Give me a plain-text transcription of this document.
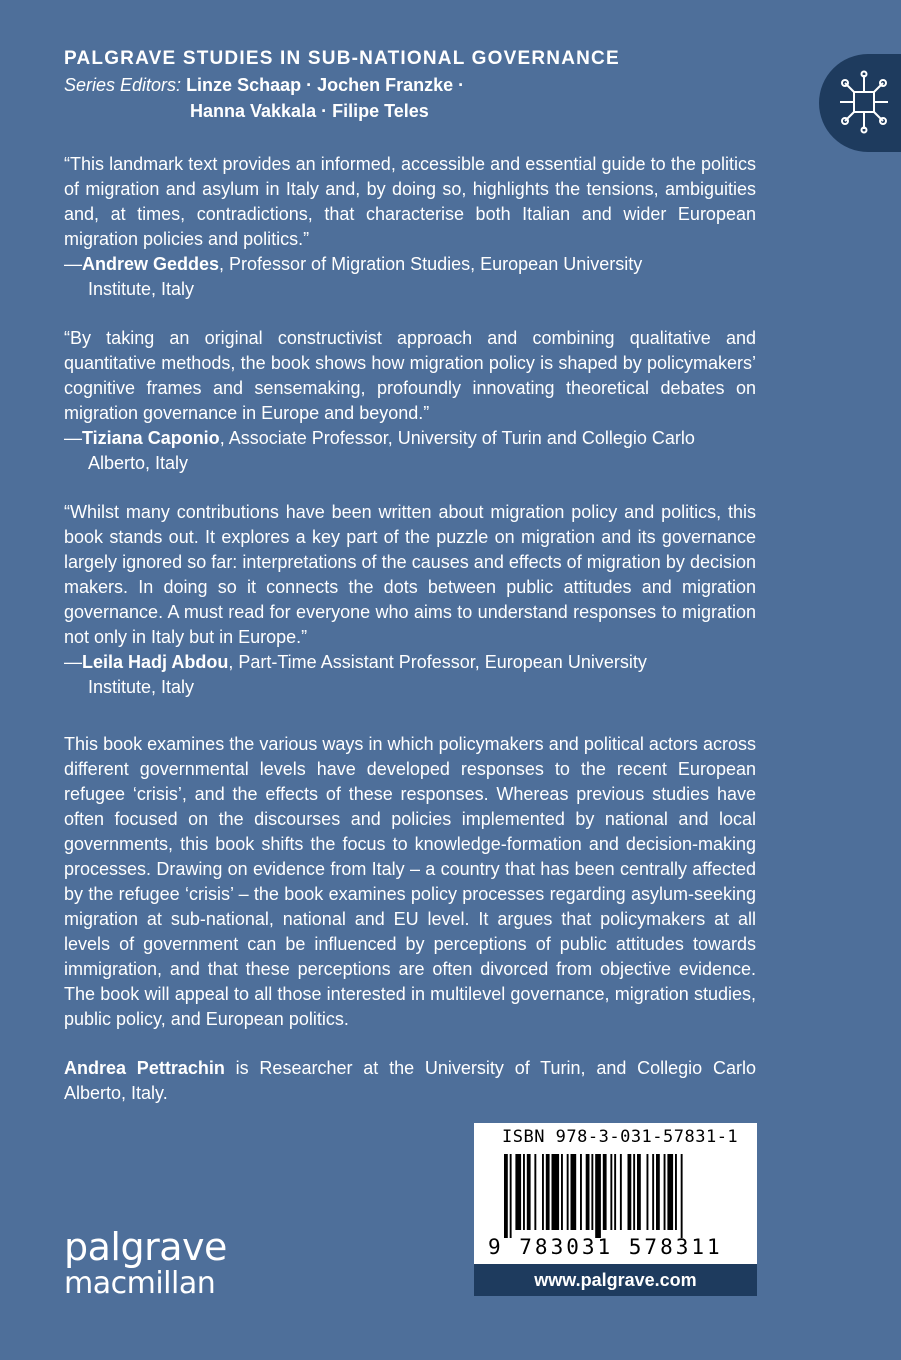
PALGRAVE STUDIES IN SUB-NATIONAL GOVERNANCE
Series Editors: Linze Schaap · Jochen Franzke ·
Hanna Vakkala · Filipe Teles

“This landmark text provides an informed, accessible and essential guide to the politics of migration and asylum in Italy and, by doing so, highlights the tensions, ambiguities and, at times, contradictions, that characterise both Italian and wider European migration policies and politics.”

—Andrew Geddes, Professor of Migration Studies, European University
Institute, Italy

“By taking an original constructivist approach and combining qualitative and quantitative methods, the book shows how migration policy is shaped by policymakers’ cognitive frames and sensemaking, profoundly innovating theoretical debates on migration governance in Europe and beyond.”

—Tiziana Caponio, Associate Professor, University of Turin and Collegio Carlo
Alberto, Italy

“Whilst many contributions have been written about migration policy and politics, this book stands out. It explores a key part of the puzzle on migration and its governance largely ignored so far: interpretations of the causes and effects of migration by decision makers. In doing so it connects the dots between public attitudes and migration governance. A must read for everyone who aims to understand responses to migration not only in Italy but in Europe.”

—Leila Hadj Abdou, Part-Time Assistant Professor, European University
Institute, Italy

This book examines the various ways in which policymakers and political actors across different governmental levels have developed responses to the recent European refugee ‘crisis’, and the effects of these responses. Whereas previous studies have often focused on the discourses and policies implemented by national and local governments, this book shifts the focus to knowledge-formation and decision-making processes. Drawing on evidence from Italy – a country that has been centrally affected by the refugee ‘crisis’ – the book examines policy processes regarding asylum-seeking migration at sub-national, national and EU level. It argues that policymakers at all levels of government can be influenced by perceptions of public attitudes towards immigration, and that these perceptions are often divorced from objective evidence. The book will appeal to all those interested in multilevel governance, migration studies, public policy, and European politics.

Andrea Pettrachin is Researcher at the University of Turin, and Collegio Carlo Alberto, Italy.

ISBN 978-3-031-57831-1
9 783031 578311
www.palgrave.com
palgrave
macmillan
